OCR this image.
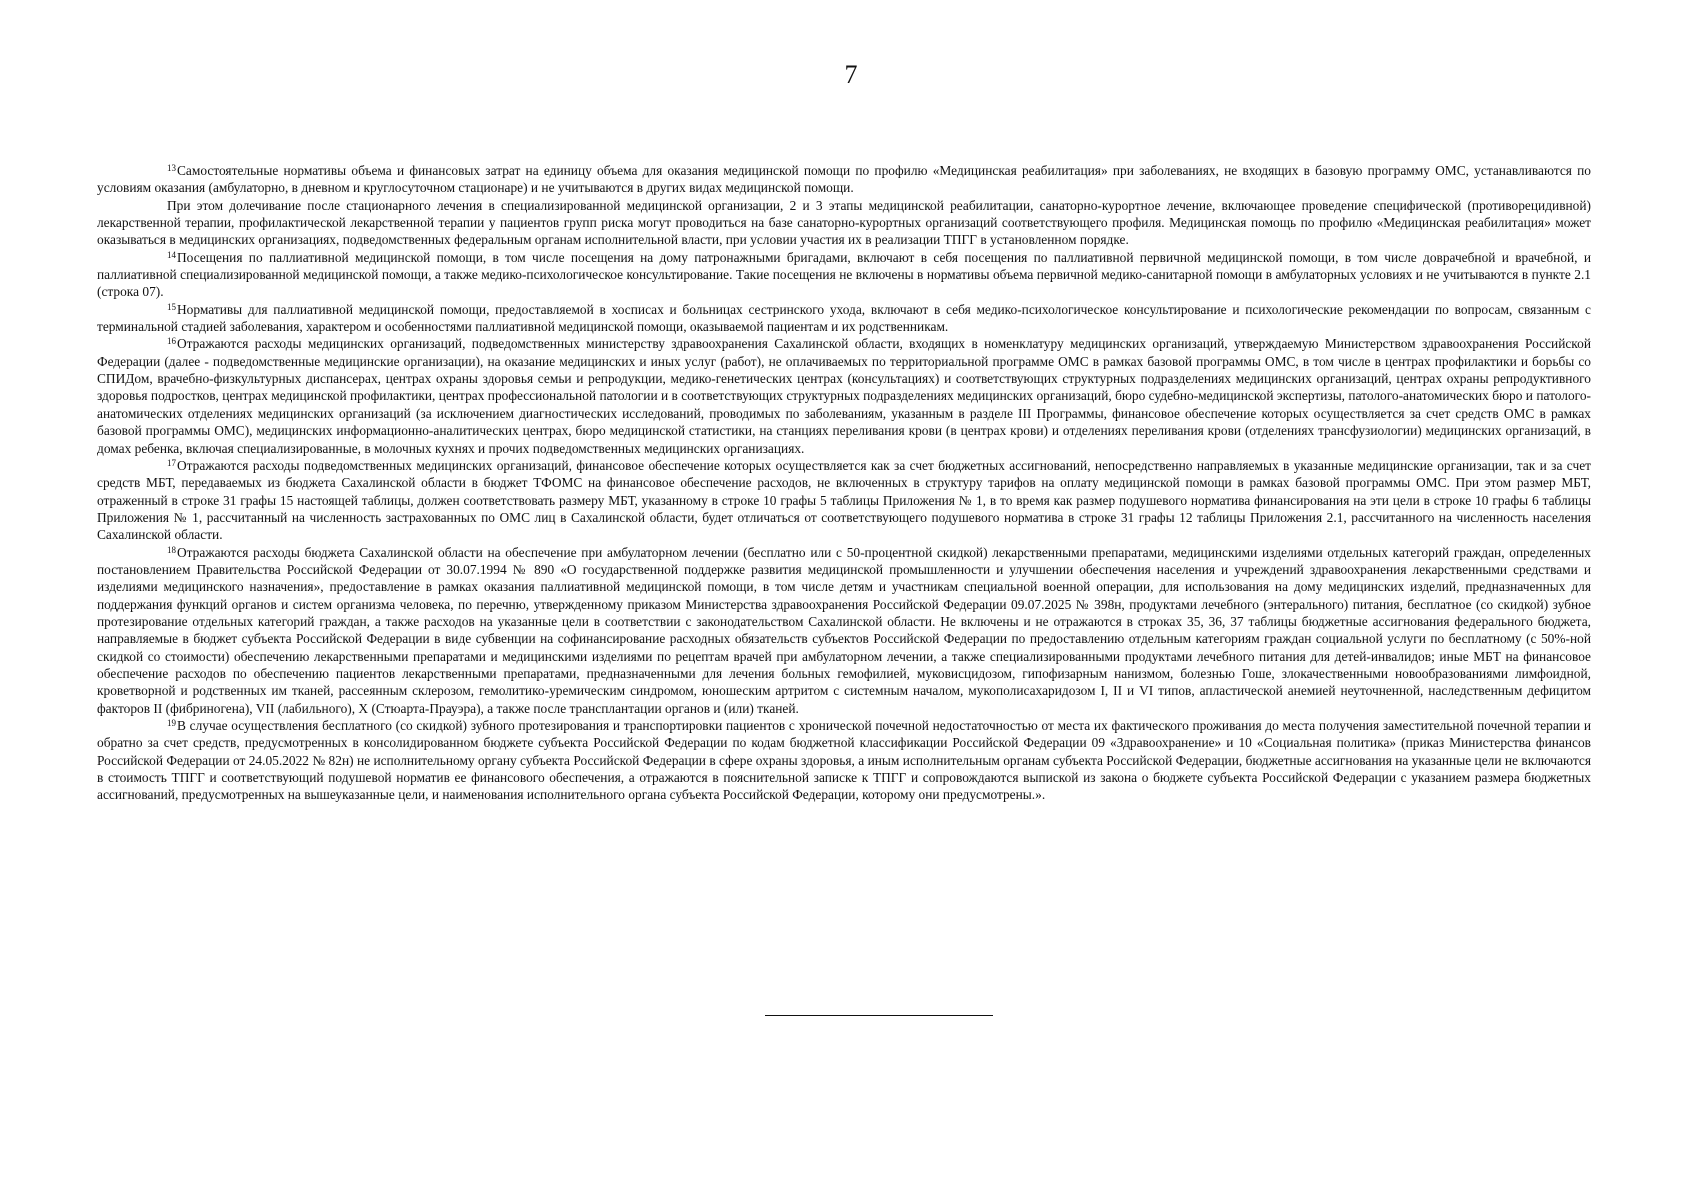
7

$^{13}$Самостоятельные нормативы объема и финансовых затрат на единицу объема для оказания медицинской помощи по профилю «Медицинская реабилитация» при заболеваниях, не входящих в базовую программу ОМС, устанавливаются по условиям оказания (амбулаторно, в дневном и круглосуточном стационаре) и не учитываются в других видах медицинской помощи.

При этом долечивание после стационарного лечения в специализированной медицинской организации, 2 и 3 этапы медицинской реабилитации, санаторно-курортное лечение, включающее проведение специфической (противорецидивной) лекарственной терапии, профилактической лекарственной терапии у пациентов групп риска могут проводиться на базе санаторно-курортных организаций соответствующего профиля. Медицинская помощь по профилю «Медицинская реабилитация» может оказываться в медицинских организациях, подведомственных федеральным органам исполнительной власти, при условии участия их в реализации ТПГГ в установленном порядке.

$^{14}$Посещения по паллиативной медицинской помощи, в том числе посещения на дому патронажными бригадами, включают в себя посещения по паллиативной первичной медицинской помощи, в том числе доврачебной и врачебной, и паллиативной специализированной медицинской помощи, а также медико-психологическое консультирование. Такие посещения не включены в нормативы объема первичной медико-санитарной помощи в амбулаторных условиях и не учитываются в пункте 2.1 (строка 07).

$^{15}$Нормативы для паллиативной медицинской помощи, предоставляемой в хосписах и больницах сестринского ухода, включают в себя медико-психологическое консультирование и психологические рекомендации по вопросам, связанным с терминальной стадией заболевания, характером и особенностями паллиативной медицинской помощи, оказываемой пациентам и их родственникам.

$^{16}$Отражаются расходы медицинских организаций, подведомственных министерству здравоохранения Сахалинской области, входящих в номенклатуру медицинских организаций, утверждаемую Министерством здравоохранения Российской Федерации (далее - подведомственные медицинские организации), на оказание медицинских и иных услуг (работ), не оплачиваемых по территориальной программе ОМС в рамках базовой программы ОМС, в том числе в центрах профилактики и борьбы со СПИДом, врачебно-физкультурных диспансерах, центрах охраны здоровья семьи и репродукции, медико-генетических центрах (консультациях) и соответствующих структурных подразделениях медицинских организаций, центрах охраны репродуктивного здоровья подростков, центрах медицинской профилактики, центрах профессиональной патологии и в соответствующих структурных подразделениях медицинских организаций, бюро судебно-медицинской экспертизы, патолого-анатомических бюро и патолого-анатомических отделениях медицинских организаций (за исключением диагностических исследований, проводимых по заболеваниям, указанным в разделе III Программы, финансовое обеспечение которых осуществляется за счет средств ОМС в рамках базовой программы ОМС), медицинских информационно-аналитических центрах, бюро медицинской статистики, на станциях переливания крови (в центрах крови) и отделениях переливания крови (отделениях трансфузиологии) медицинских организаций, в домах ребенка, включая специализированные, в молочных кухнях и прочих подведомственных медицинских организациях.

$^{17}$Отражаются расходы подведомственных медицинских организаций, финансовое обеспечение которых осуществляется как за счет бюджетных ассигнований, непосредственно направляемых в указанные медицинские организации, так и за счет средств МБТ, передаваемых из бюджета Сахалинской области в бюджет ТФОМС на финансовое обеспечение расходов, не включенных в структуру тарифов на оплату медицинской помощи в рамках базовой программы ОМС. При этом размер МБТ, отраженный в строке 31 графы 15 настоящей таблицы, должен соответствовать размеру МБТ, указанному в строке 10 графы 5 таблицы Приложения № 1, в то время как размер подушевого норматива финансирования на эти цели в строке 10 графы 6 таблицы Приложения № 1, рассчитанный на численность застрахованных по ОМС лиц в Сахалинской области, будет отличаться от соответствующего подушевого норматива в строке 31 графы 12 таблицы Приложения 2.1, рассчитанного на численность населения Сахалинской области.

$^{18}$Отражаются расходы бюджета Сахалинской области на обеспечение при амбулаторном лечении (бесплатно или с 50-процентной скидкой) лекарственными препаратами, медицинскими изделиями отдельных категорий граждан, определенных постановлением Правительства Российской Федерации от 30.07.1994 № 890 «О государственной поддержке развития медицинской промышленности и улучшении обеспечения населения и учреждений здравоохранения лекарственными средствами и изделиями медицинского назначения», предоставление в рамках оказания паллиативной медицинской помощи, в том числе детям и участникам специальной военной операции, для использования на дому медицинских изделий, предназначенных для поддержания функций органов и систем организма человека, по перечню, утвержденному приказом Министерства здравоохранения Российской Федерации 09.07.2025 № 398н, продуктами лечебного (энтерального) питания, бесплатное (со скидкой) зубное протезирование отдельных категорий граждан, а также расходов на указанные цели в соответствии с законодательством Сахалинской области. Не включены и не отражаются в строках 35, 36, 37 таблицы бюджетные ассигнования федерального бюджета, направляемые в бюджет субъекта Российской Федерации в виде субвенции на софинансирование расходных обязательств субъектов Российской Федерации по предоставлению отдельным категориям граждан социальной услуги по бесплатному (с 50%-ной скидкой со стоимости) обеспечению лекарственными препаратами и медицинскими изделиями по рецептам врачей при амбулаторном лечении, а также специализированными продуктами лечебного питания для детей-инвалидов; иные МБТ на финансовое обеспечение расходов по обеспечению пациентов лекарственными препаратами, предназначенными для лечения больных гемофилией, муковисцидозом, гипофизарным нанизмом, болезнью Гоше, злокачественными новообразованиями лимфоидной, кроветворной и родственных им тканей, рассеянным склерозом, гемолитико-уремическим синдромом, юношеским артритом с системным началом, мукополисахаридозом I, II и VI типов, апластической анемией неуточненной, наследственным дефицитом факторов II (фибриногена), VII (лабильного), X (Стюарта-Прауэра), а также после трансплантации органов и (или) тканей.

$^{19}$В случае осуществления бесплатного (со скидкой) зубного протезирования и транспортировки пациентов с хронической почечной недостаточностью от места их фактического проживания до места получения заместительной почечной терапии и обратно за счет средств, предусмотренных в консолидированном бюджете субъекта Российской Федерации по кодам бюджетной классификации Российской Федерации 09 «Здравоохранение» и 10 «Социальная политика» (приказ Министерства финансов Российской Федерации от 24.05.2022 № 82н) не исполнительному органу субъекта Российской Федерации в сфере охраны здоровья, а иным исполнительным органам субъекта Российской Федерации, бюджетные ассигнования на указанные цели не включаются в стоимость ТПГГ и соответствующий подушевой норматив ее финансового обеспечения, а отражаются в пояснительной записке к ТПГГ и сопровождаются выпиской из закона о бюджете субъекта Российской Федерации с указанием размера бюджетных ассигнований, предусмотренных на вышеуказанные цели, и наименования исполнительного органа субъекта Российской Федерации, которому они предусмотрены.».
